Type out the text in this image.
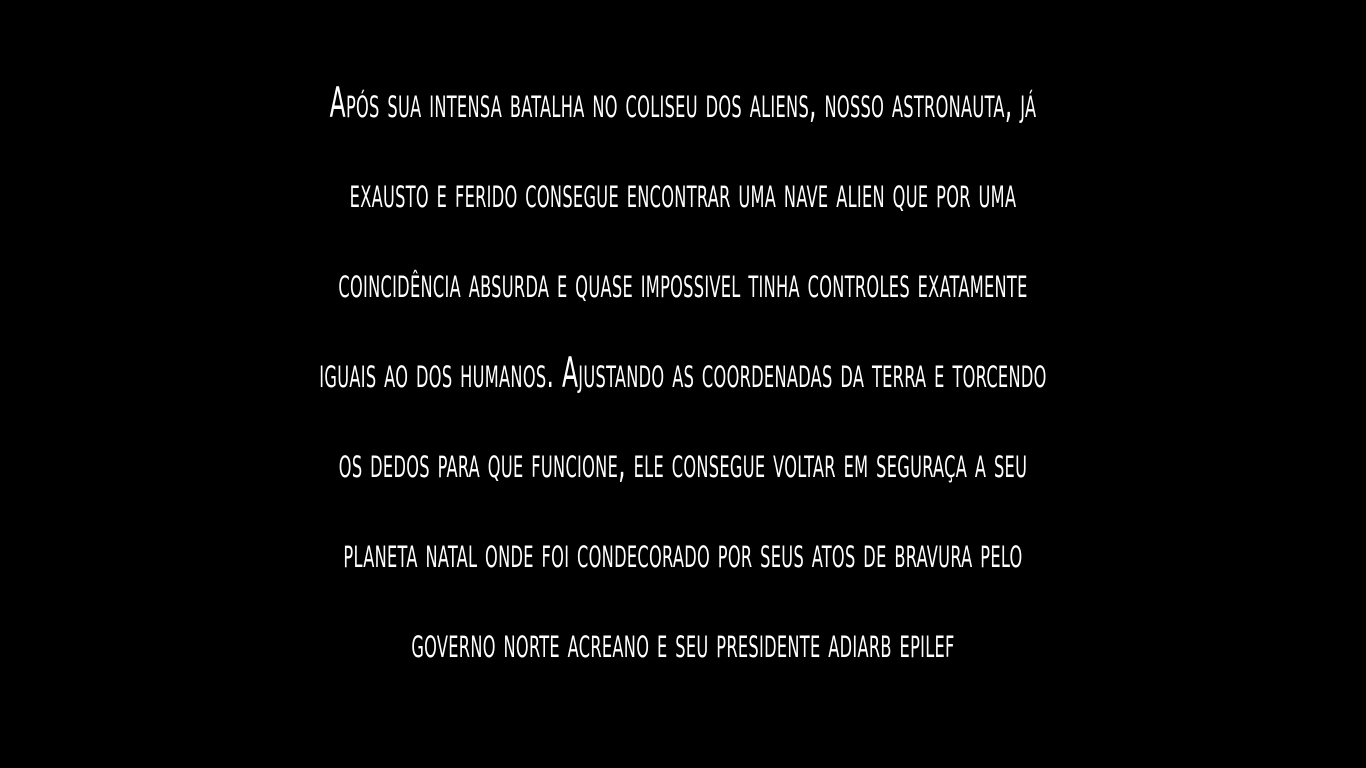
Após sua intensa batalha no coliseu dos aliens, nosso astronauta, já
exausto e ferido consegue encontrar uma nave alien que por uma
coincidência absurda e quase impossivel tinha controles exatamente
iguais ao dos humanos. Ajustando as coordenadas da terra e torcendo
os dedos para que funcione, ele consegue voltar em seguraça a seu
planeta natal onde foi condecorado por seus atos de bravura pelo
governo norte acreano e seu presidente adiarb epilef
